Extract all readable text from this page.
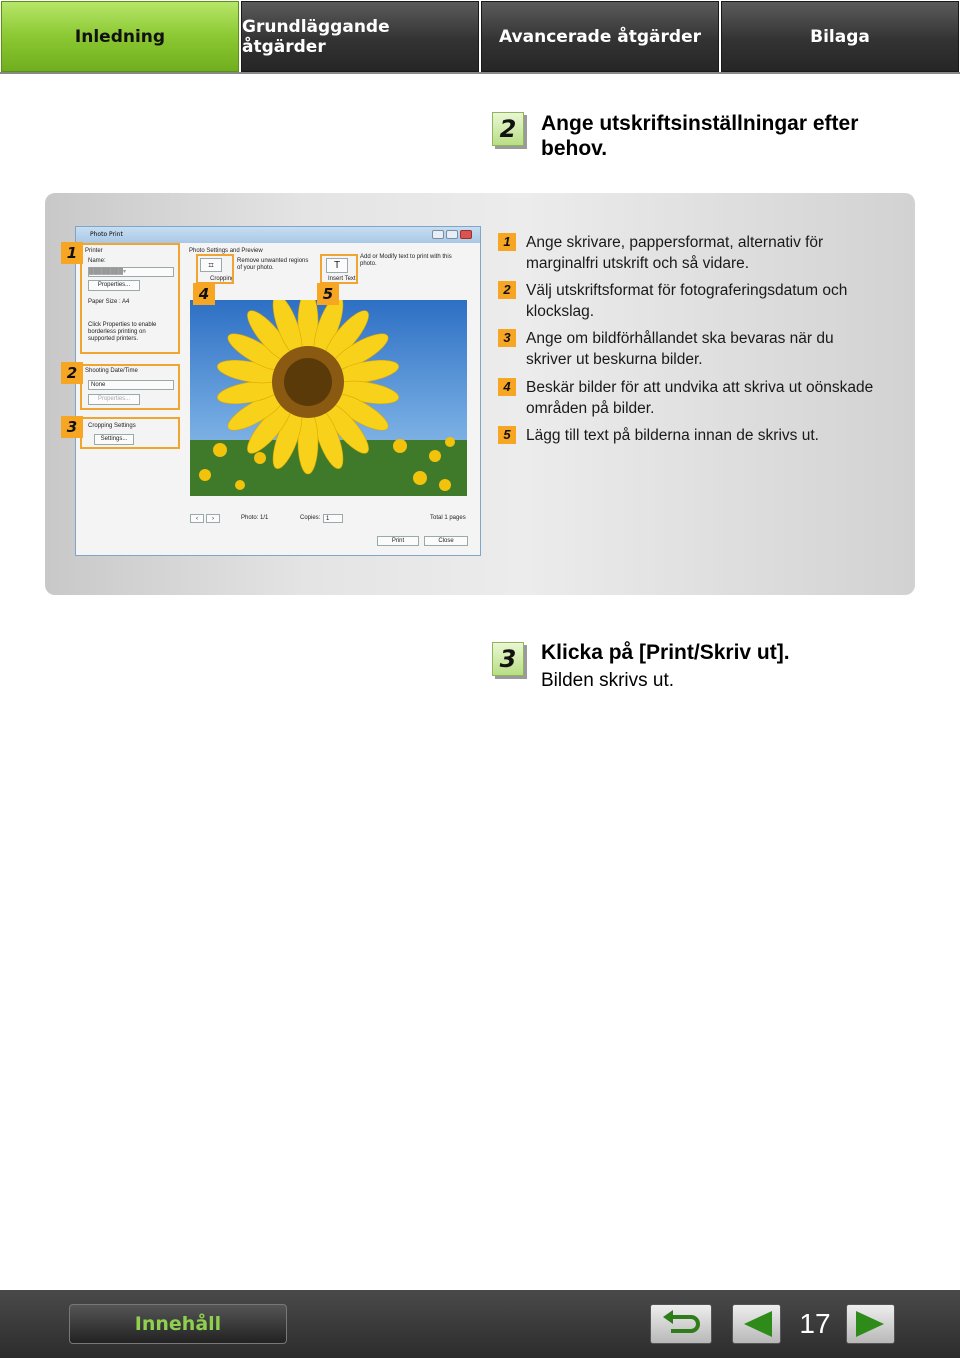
Inledning	Grundläggande åtgärder	Avancerade åtgärder	Bilaga
2	Ange utskriftsinställningar efter
behov.
Photo Print
Printer
Name:
████████▾
Properties...
Paper Size : A4
Click Properties to enable
borderless printing on
supported printers.
Shooting Date/Time
None
Properties...
Cropping Settings
Settings...
Photo Settings and Preview
⌗	Remove unwanted regions
of your photo.
Cropping
T
Add or Modify text to print with this
photo.
Insert Text
‹	›	Photo: 1/1	Copies: 1	Total 1 pages
Print	Close
1
2
3
4	5
1 Ange skrivare, pappersformat, alternativ för
marginalfri utskrift och så vidare.
2 Välj utskriftsformat för fotograferingsdatum och
klockslag.
3 Ange om bildförhållandet ska bevaras när du
skriver ut beskurna bilder.
4 Beskär bilder för att undvika att skriva ut oönskade
områden på bilder.
5 Lägg till text på bilderna innan de skrivs ut.
3	Klicka på [Print/Skriv ut].
Bilden skrivs ut.
Innehåll	17
